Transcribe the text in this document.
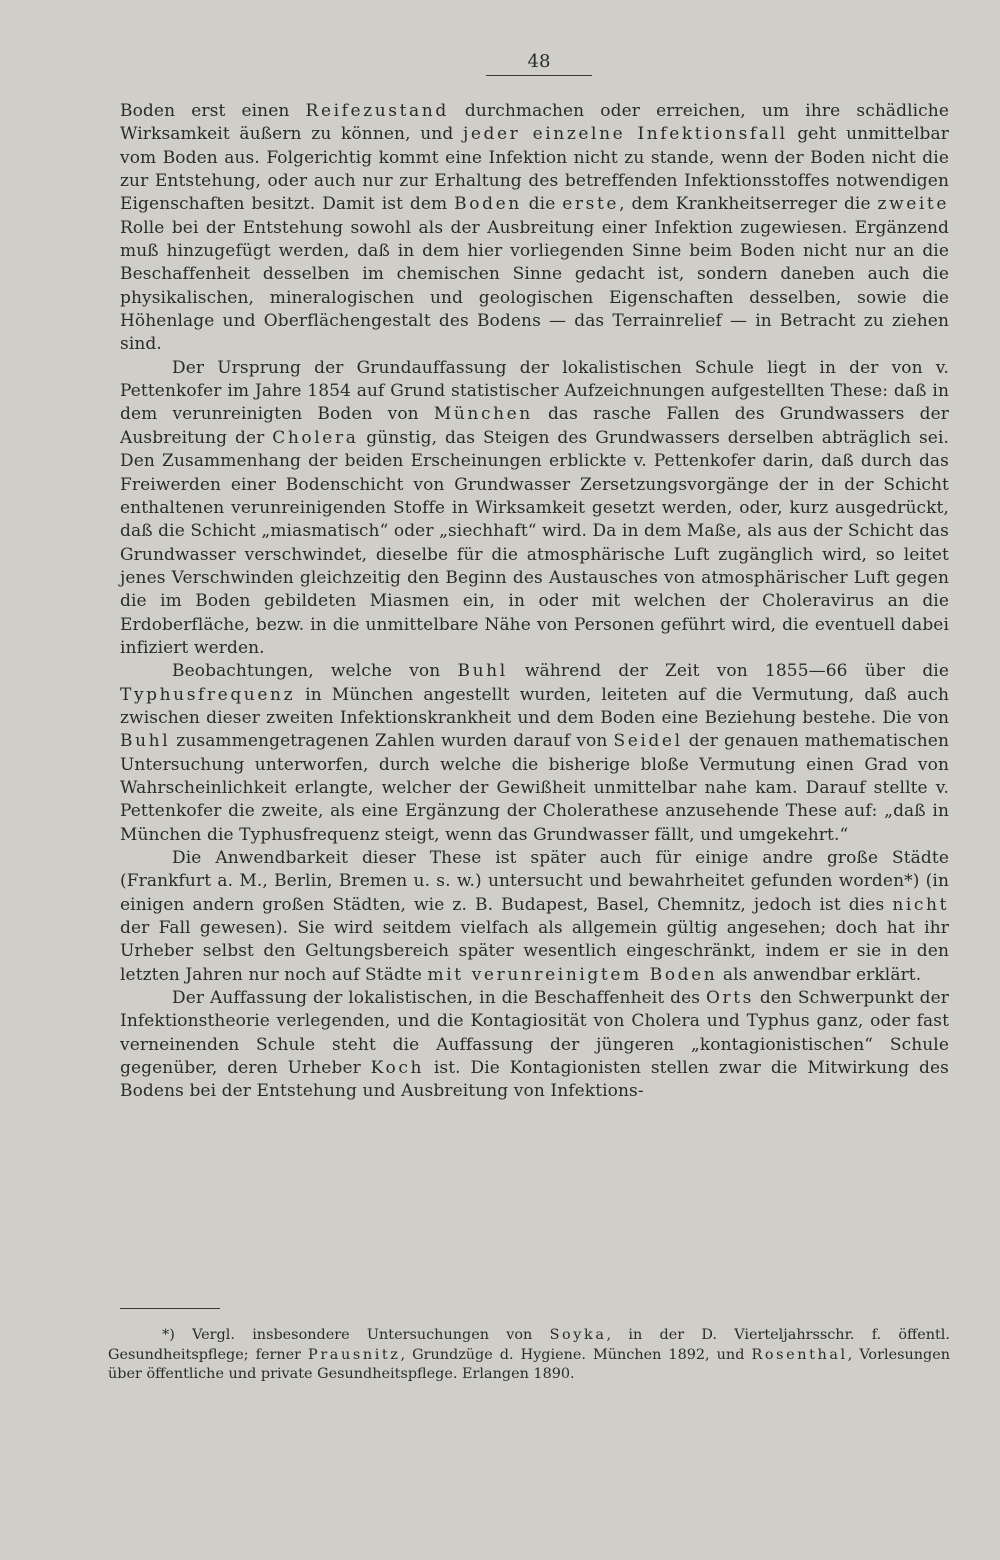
48

Boden erst einen Reifezustand durchmachen oder erreichen, um ihre schädliche Wirksamkeit äußern zu können, und jeder einzelne Infektionsfall geht unmittelbar vom Boden aus. Folgerichtig kommt eine Infektion nicht zu stande, wenn der Boden nicht die zur Entstehung, oder auch nur zur Erhaltung des betreffenden Infektionsstoffes notwendigen Eigenschaften besitzt. Damit ist dem Boden die erste, dem Krankheitserreger die zweite Rolle bei der Entstehung sowohl als der Ausbreitung einer Infektion zugewiesen. Ergänzend muß hinzugefügt werden, daß in dem hier vorliegenden Sinne beim Boden nicht nur an die Beschaffenheit desselben im chemischen Sinne gedacht ist, sondern daneben auch die physikalischen, mineralogischen und geologischen Eigenschaften desselben, sowie die Höhenlage und Oberflächengestalt des Bodens — das Terrainrelief — in Betracht zu ziehen sind.

Der Ursprung der Grundauffassung der lokalistischen Schule liegt in der von v. Pettenkofer im Jahre 1854 auf Grund statistischer Aufzeichnungen aufgestellten These: daß in dem verunreinigten Boden von München das rasche Fallen des Grundwassers der Ausbreitung der Cholera günstig, das Steigen des Grundwassers derselben abträglich sei. Den Zusammenhang der beiden Erscheinungen erblickte v. Pettenkofer darin, daß durch das Freiwerden einer Bodenschicht von Grundwasser Zersetzungsvorgänge der in der Schicht enthaltenen verunreinigenden Stoffe in Wirksamkeit gesetzt werden, oder, kurz ausgedrückt, daß die Schicht „miasmatisch“ oder „siechhaft“ wird. Da in dem Maße, als aus der Schicht das Grundwasser verschwindet, dieselbe für die atmosphärische Luft zugänglich wird, so leitet jenes Verschwinden gleichzeitig den Beginn des Austausches von atmosphärischer Luft gegen die im Boden gebildeten Miasmen ein, in oder mit welchen der Choleravirus an die Erdoberfläche, bezw. in die unmittelbare Nähe von Personen geführt wird, die eventuell dabei infiziert werden.

Beobachtungen, welche von Buhl während der Zeit von 1855—66 über die Typhusfrequenz in München angestellt wurden, leiteten auf die Vermutung, daß auch zwischen dieser zweiten Infektionskrankheit und dem Boden eine Beziehung bestehe. Die von Buhl zusammengetragenen Zahlen wurden darauf von Seidel der genauen mathematischen Untersuchung unterworfen, durch welche die bisherige bloße Vermutung einen Grad von Wahrscheinlichkeit erlangte, welcher der Gewißheit unmittelbar nahe kam. Darauf stellte v. Pettenkofer die zweite, als eine Ergänzung der Cholerathese anzusehende These auf: „daß in München die Typhusfrequenz steigt, wenn das Grundwasser fällt, und umgekehrt.“

Die Anwendbarkeit dieser These ist später auch für einige andre große Städte (Frankfurt a. M., Berlin, Bremen u. s. w.) untersucht und bewahrheitet gefunden worden*) (in einigen andern großen Städten, wie z. B. Budapest, Basel, Chemnitz, jedoch ist dies nicht der Fall gewesen). Sie wird seitdem vielfach als allgemein gültig angesehen; doch hat ihr Urheber selbst den Geltungsbereich später wesentlich eingeschränkt, indem er sie in den letzten Jahren nur noch auf Städte mit verunreinigtem Boden als anwendbar erklärt.

Der Auffassung der lokalistischen, in die Beschaffenheit des Orts den Schwerpunkt der Infektionstheorie verlegenden, und die Kontagiosität von Cholera und Typhus ganz, oder fast verneinenden Schule steht die Auffassung der jüngeren „kontagionistischen“ Schule gegenüber, deren Urheber Koch ist. Die Kontagionisten stellen zwar die Mitwirkung des Bodens bei der Entstehung und Ausbreitung von Infektions-

*) Vergl. insbesondere Untersuchungen von Soyka, in der D. Vierteljahrsschr. f. öffentl. Gesundheitspflege; ferner Prausnitz, Grundzüge d. Hygiene. München 1892, und Rosenthal, Vorlesungen über öffentliche und private Gesundheitspflege. Erlangen 1890.
